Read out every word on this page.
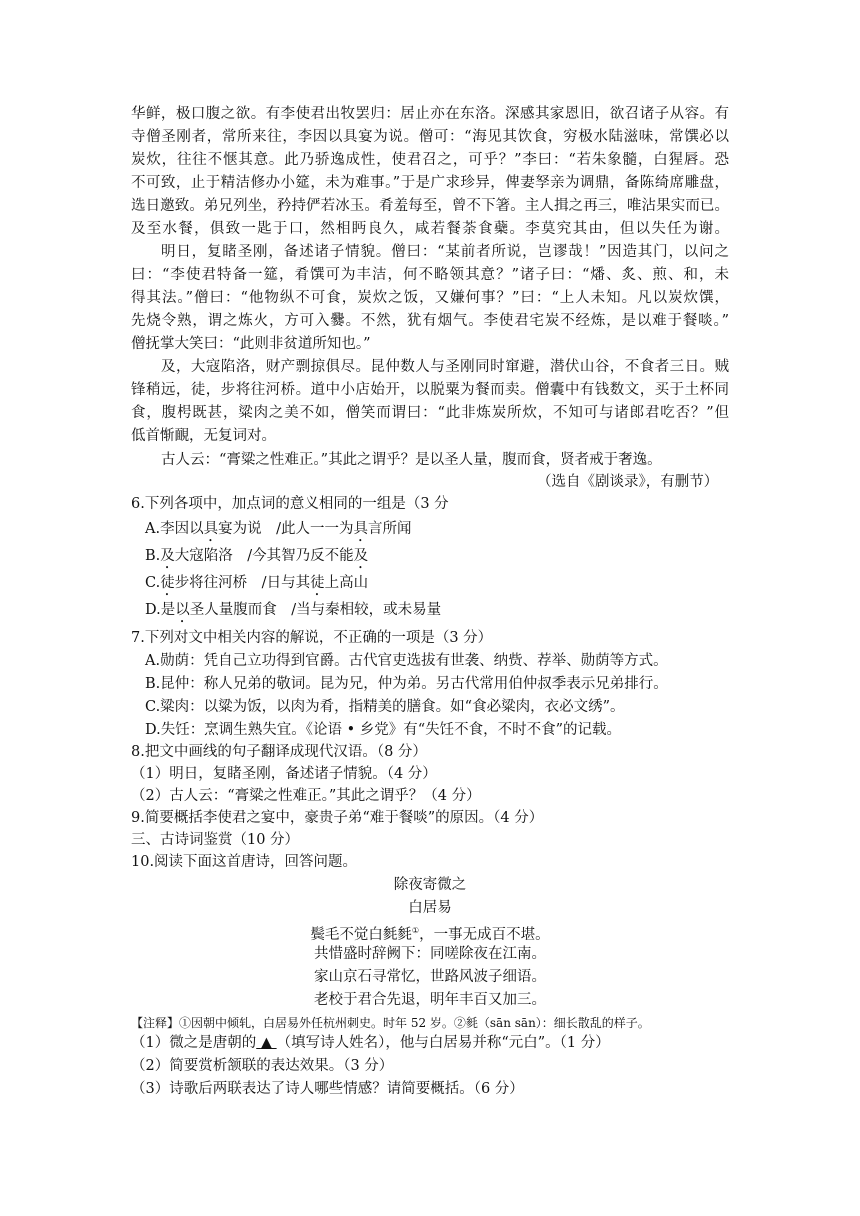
华鲜，极口腹之欲。有李使君出牧罢归：居止亦在东洛。深感其家恩旧，欲召诸子从容。有
寺僧圣刚者，常所来往，李因以具宴为说。僧可：“海见其饮食，穷极水陆滋味，常馔必以
炭炊，往往不惬其意。此乃骄逸成性，使君召之，可乎？”李曰：“若朱象髓，白猩唇。恐
不可致，止于精洁修办小筵，未为难事。”于是广求珍异，俾妻孥亲为调鼎，备陈绮席雕盘，
选日邀致。弟兄列坐，矜持俨若冰玉。肴羞每至，曾不下箸。主人揖之再三，唯沾果实而已。
及至水餐，俱致一匙于口，然相眄良久，咸若餐荼食蘗。李莫究其由，但以失任为谢。
明日，复睹圣刚，备述诸子情貌。僧曰：“某前者所说，岂谬哉！”因造其门，以问之
曰：“李使君特备一筵，肴馔可为丰洁，何不略领其意？”诸子曰：“燔、炙、煎、和，未
得其法。”僧曰：“他物纵不可食，炭炊之饭，又嫌何事？”曰：“上人未知。凡以炭炊馔，
先烧令熟，谓之炼火，方可入爨。不然，犹有烟气。李使君宅炭不经炼，是以难于餐啖。”
僧抚掌大笑曰：“此则非贫道所知也。”
及，大寇陷洛，财产剽掠俱尽。昆仲数人与圣刚同时窜避，潜伏山谷，不食者三日。贼
锋稍远，徒，步将往河桥。道中小店始开，以脱粟为餐而卖。僧囊中有钱数文，买于土杯同
食，腹枵既甚，粱肉之美不如，僧笑而谓曰：“此非炼炭所炊，不知可与诸郎君吃否？”但
低首惭靦，无复词对。
古人云：“膏粱之性难正。”其此之谓乎？是以圣人量，腹而食，贤者戒于奢逸。
（选自《剧谈录》，有删节）
6.下列各项中，加点词的意义相同的一组是（3 分
A.李因以具宴为说　/此人一一为具言所闻
B.及大寇陷洛　/今其智乃反不能及
C.徒步将往河桥　/日与其徒上高山
D.是以圣人量腹而食　/当与秦相较，或未易量
7.下列对文中相关内容的解说，不正确的一项是（3 分）
A.勋荫：凭自己立功得到官爵。古代官吏选拔有世袭、纳赀、荐举、勋荫等方式。
B.昆仲：称人兄弟的敬词。昆为兄，仲为弟。另古代常用伯仲叔季表示兄弟排行。
C.粱肉：以粱为饭，以肉为肴，指精美的膳食。如“食必粱肉，衣必文绣”。
D.失饪：烹调生熟失宜。《论语 • 乡党》有“失饪不食，不时不食”的记载。
8.把文中画线的句子翻译成现代汉语。（8 分）
（1）明日，复睹圣刚，备述诸子情貌。（4 分）
（2）古人云：“膏粱之性难正。”其此之谓乎？（4 分）
9.简要概括李使君之宴中，豪贵子弟“难于餐啖”的原因。（4 分）
三、古诗词鉴赏（10 分）
10.阅读下面这首唐诗，回答问题。
除夜寄微之
白居易
鬓毛不觉白毵毵①，一事无成百不堪。
共惜盛时辞阙下：同嗟除夜在江南。
家山京石寻常忆，世路风波子细语。
老校于君合先退，明年丰百又加三。
【注释】①因朝中倾轧，白居易外任杭州刺史。时年 52 岁。②毵（sān sān）：细长散乱的样子。
（1）微之是唐朝的 ▲ （填写诗人姓名），他与白居易并称“元白”。（1 分）
（2）简要赏析颔联的表达效果。（3 分）
（3）诗歌后两联表达了诗人哪些情感？请简要概括。（6 分）
